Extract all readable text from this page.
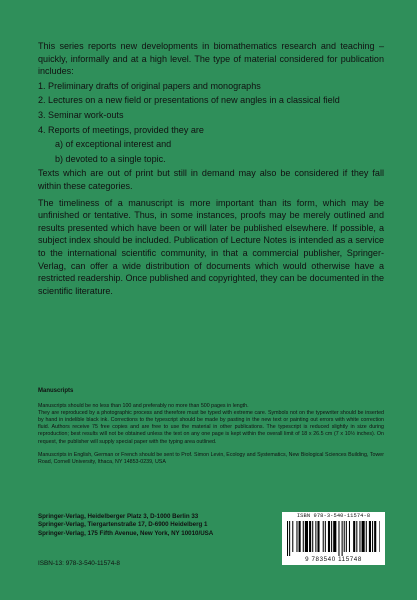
This series reports new developments in biomathematics research and teaching – quickly, informally and at a high level. The type of material considered for publication includes:

1. Preliminary drafts of original papers and monographs

2. Lectures on a new field or presentations of new angles in a classical field

3. Seminar work-outs

4. Reports of meetings, provided they are

a) of exceptional interest and

b) devoted to a single topic.

Texts which are out of print but still in demand may also be considered if they fall within these categories.

The timeliness of a manuscript is more important than its form, which may be unfinished or tentative. Thus, in some instances, proofs may be merely outlined and results presented which have been or will later be published elsewhere. If possible, a subject index should be included. Publication of Lecture Notes is intended as a service to the international scientific community, in that a commercial publisher, Springer-Verlag, can offer a wide distribution of documents which would otherwise have a restricted readership. Once published and copyrighted, they can be documented in the scientific literature.

Manuscripts

Manuscripts should be no less than 100 and preferably no more than 500 pages in length.

They are reproduced by a photographic process and therefore must be typed with extreme care. Symbols not on the typewriter should be inserted by hand in indelible black ink. Corrections to the typescript should be made by pasting in the new text or painting out errors with white correction fluid. Authors receive 75 free copies and are free to use the material in other publications. The typescript is reduced slightly in size during reproduction; best results will not be obtained unless the text on any one page is kept within the overall limit of 18 x 26.5 cm (7 x 10½ inches). On request, the publisher will supply special paper with the typing area outlined.

Manuscripts in English, German or French should be sent to Prof. Simon Levin, Ecology and Systematics, New Biological Sciences Building, Tower Road, Cornell University, Ithaca, NY 14853-0239, USA

Springer-Verlag, Heidelberger Platz 3, D-1000 Berlin 33
Springer-Verlag, Tiergartenstraße 17, D-6900 Heidelberg 1
Springer-Verlag, 175 Fifth Avenue, New York, NY 10010/USA
ISBN-13: 978-3-540-11574-8
ISBN 978-3-540-11574-8
9 783540 115748
